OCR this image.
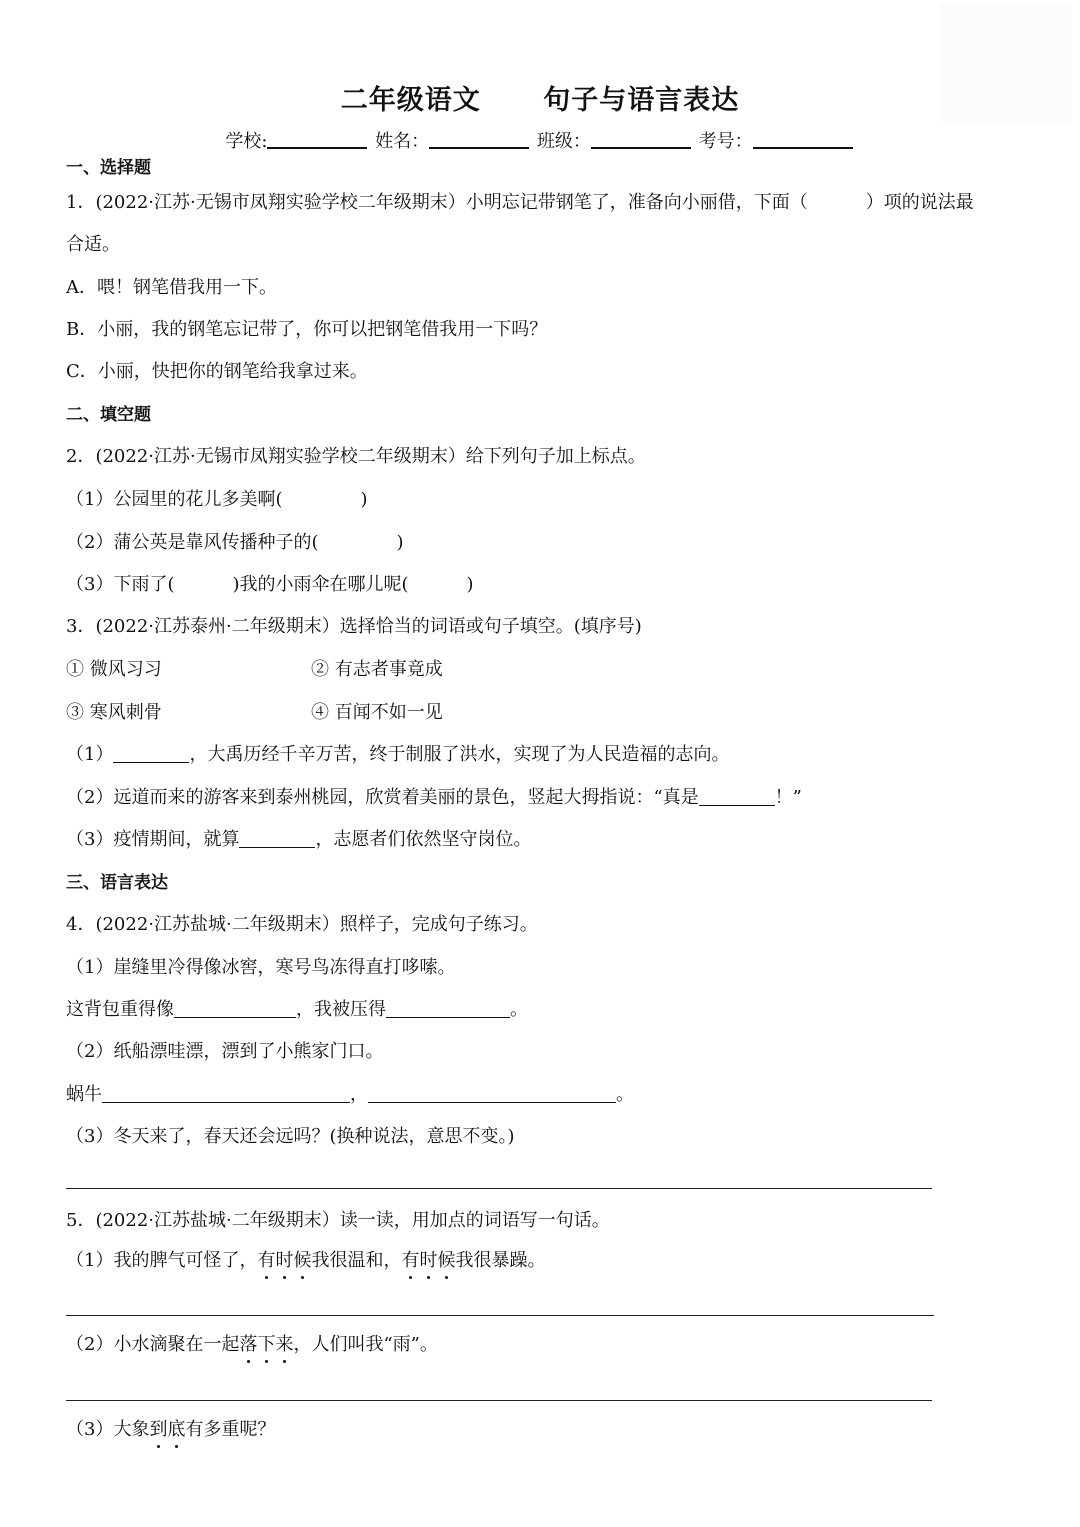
二年级语文      句子与语言表达
学校:	姓名：	班级：	考号：
一、选择题
1．(2022·江苏·无锡市凤翔实验学校二年级期末）小明忘记带钢笔了，准备向小丽借，下面（	）项的说法最
合适。
A．喂！钢笔借我用一下。
B．小丽，我的钢笔忘记带了，你可以把钢笔借我用一下吗？
C．小丽，快把你的钢笔给我拿过来。
二、填空题
2．(2022·江苏·无锡市凤翔实验学校二年级期末）给下列句子加上标点。
（1）公园里的花儿多美啊(	)
（2）蒲公英是靠风传播种子的(	)
（3）下雨了(	)我的小雨伞在哪儿呢(	)
3．(2022·江苏泰州·二年级期末）选择恰当的词语或句子填空。(填序号)
① 微风习习	② 有志者事竟成
③ 寒风刺骨	④ 百闻不如一见
（1）	，大禹历经千辛万苦，终于制服了洪水，实现了为人民造福的志向。
（2）远道而来的游客来到泰州桃园，欣赏着美丽的景色，竖起大拇指说：“真是	！”
（3）疫情期间，就算	，志愿者们依然坚守岗位。
三、语言表达
4．(2022·江苏盐城·二年级期末）照样子，完成句子练习。
（1）崖缝里冷得像冰窖，寒号鸟冻得直打哆嗦。
这背包重得像	，我被压得	。
（2）纸船漂哇漂，漂到了小熊家门口。
蜗牛	，	。
（3）冬天来了，春天还会远吗？(换种说法，意思不变。)
5．(2022·江苏盐城·二年级期末）读一读，用加点的词语写一句话。
（1）我的脾气可怪了，有时候我很温和，有时候我很暴躁。
（2）小水滴聚在一起落下来，人们叫我“雨”。
（3）大象到底有多重呢？
